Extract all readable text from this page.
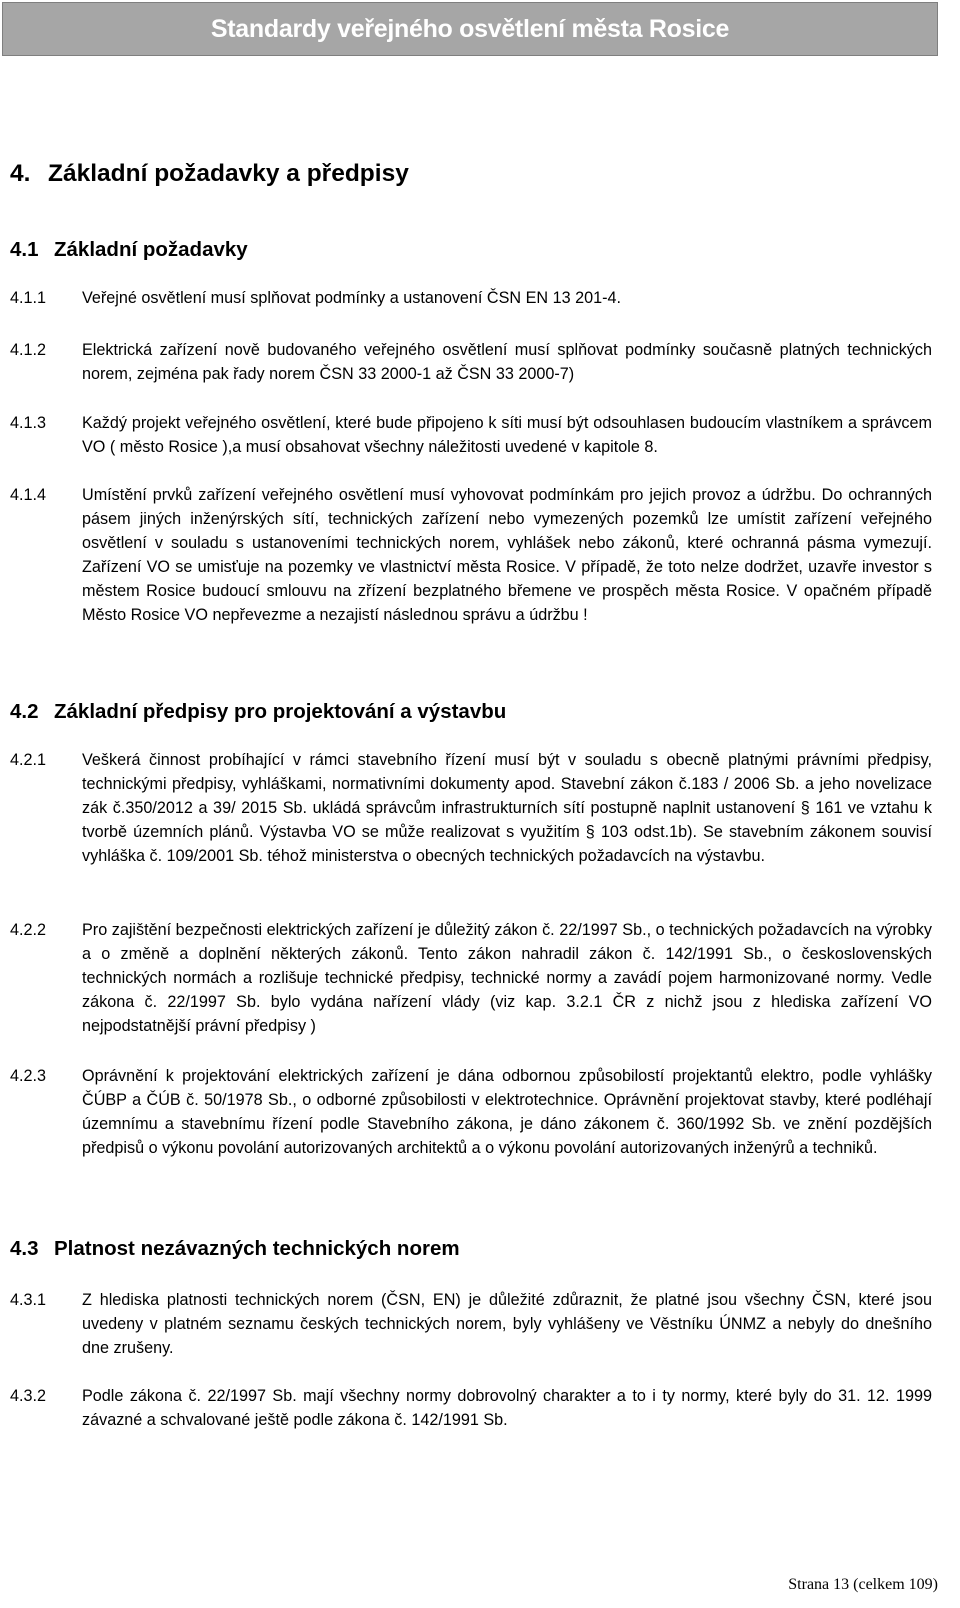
Standardy veřejného osvětlení města Rosice
4. Základní požadavky a předpisy
4.1 Základní požadavky
4.1.1	Veřejné osvětlení musí splňovat podmínky a ustanovení ČSN EN 13 201-4.
4.1.2	Elektrická zařízení nově budovaného veřejného osvětlení musí splňovat podmínky současně platných technických norem, zejména pak řady norem ČSN 33 2000-1 až ČSN 33 2000-7)
4.1.3	Každý projekt veřejného osvětlení, které bude připojeno k síti musí být odsouhlasen budoucím vlastníkem a správcem VO ( město Rosice ),a musí obsahovat všechny náležitosti uvedené v kapitole 8.
4.1.4	Umístění prvků zařízení veřejného osvětlení musí vyhovovat podmínkám pro jejich provoz a údržbu. Do ochranných pásem jiných inženýrských sítí, technických zařízení nebo vymezených pozemků lze umístit zařízení veřejného osvětlení v souladu s ustanoveními technických norem, vyhlášek nebo zákonů, které ochranná pásma vymezují. Zařízení VO se umisťuje na pozemky ve vlastnictví města Rosice. V případě, že toto nelze dodržet, uzavře investor s městem Rosice budoucí smlouvu na zřízení bezplatného břemene ve prospěch města Rosice. V opačném případě Město Rosice VO nepřevezme a nezajistí následnou správu a údržbu !
4.2 Základní předpisy pro projektování a výstavbu
4.2.1	Veškerá činnost probíhající v rámci stavebního řízení musí být v souladu s obecně platnými právními předpisy, technickými předpisy, vyhláškami, normativními dokumenty apod. Stavební zákon č.183 / 2006 Sb. a jeho novelizace zák č.350/2012 a 39/ 2015 Sb. ukládá správcům infrastrukturních sítí postupně naplnit ustanovení § 161 ve vztahu k tvorbě územních plánů. Výstavba VO se může realizovat s využitím § 103 odst.1b). Se stavebním zákonem souvisí vyhláška č. 109/2001 Sb. téhož ministerstva o obecných technických požadavcích na výstavbu.
4.2.2	Pro zajištění bezpečnosti elektrických zařízení je důležitý zákon č. 22/1997 Sb., o technických požadavcích na výrobky a o změně a doplnění některých zákonů. Tento zákon nahradil zákon č. 142/1991 Sb., o československých technických normách a rozlišuje technické předpisy, technické normy a zavádí pojem harmonizované normy. Vedle zákona č. 22/1997 Sb. bylo vydána nařízení vlády (viz kap. 3.2.1 ČR z nichž jsou z hlediska zařízení VO nejpodstatnější právní předpisy )
4.2.3	Oprávnění k projektování elektrických zařízení je dána odbornou způsobilostí projektantů elektro, podle vyhlášky ČÚBP a ČÚB č. 50/1978 Sb., o odborné způsobilosti v elektrotechnice. Oprávnění projektovat stavby, které podléhají územnímu a stavebnímu řízení podle Stavebního zákona, je dáno zákonem č. 360/1992 Sb. ve znění pozdějších předpisů o výkonu povolání autorizovaných architektů a o výkonu povolání autorizovaných inženýrů a techniků.
4.3 Platnost nezávazných technických norem
4.3.1	Z hlediska platnosti technických norem (ČSN, EN) je důležité zdůraznit, že platné jsou všechny ČSN, které jsou uvedeny v platném seznamu českých technických norem, byly vyhlášeny ve Věstníku ÚNMZ a nebyly do dnešního dne zrušeny.
4.3.2	Podle zákona č. 22/1997 Sb. mají všechny normy dobrovolný charakter a to i ty normy, které byly do 31. 12. 1999 závazné a schvalované ještě podle zákona č. 142/1991 Sb.
Strana 13 (celkem 109)
